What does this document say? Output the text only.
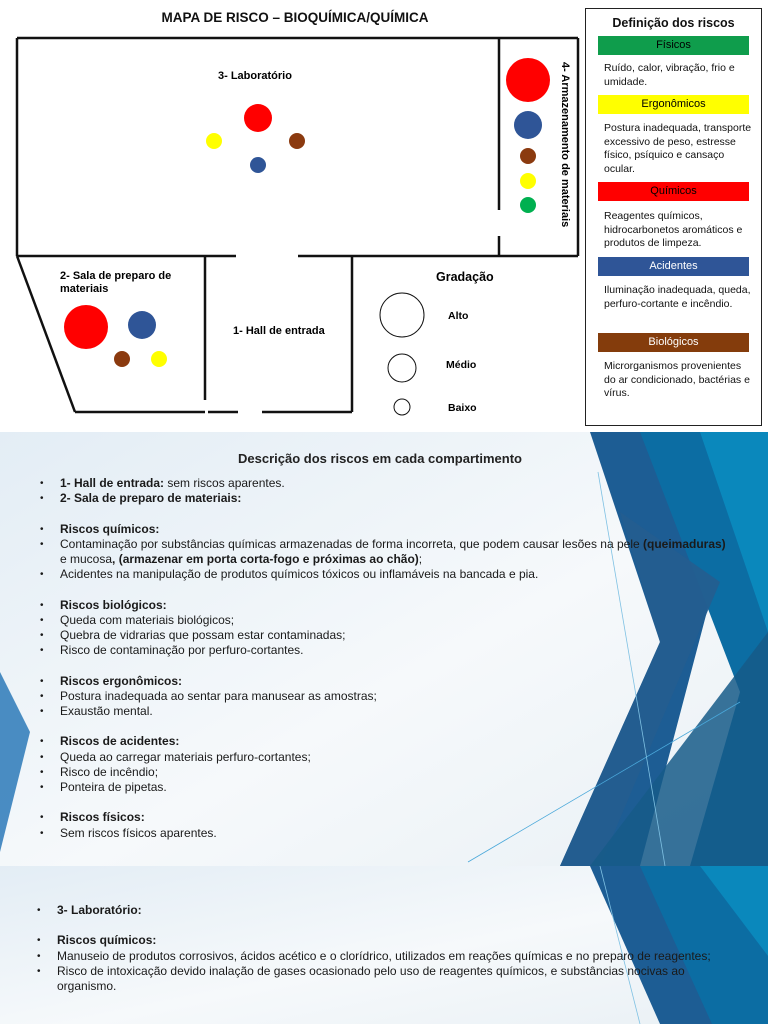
MAPA DE RISCO – BIOQUÍMICA/QUÍMICA
3- Laboratório
2- Sala de preparo de
materiais
1- Hall de entrada
4- Armazenamento de materiais
Gradação
Alto
Médio
Baixo
Definição dos riscos
Físicos
Ruído, calor, vibração, frio e umidade.
Ergonômicos
Postura inadequada, transporte excessivo de peso, estresse físico, psíquico e cansaço ocular.
Químicos
Reagentes químicos, hidrocarbonetos aromáticos e produtos de limpeza.
Acidentes
Iluminação inadequada, queda, perfuro-cortante e incêndio.
Biológicos
Microrganismos provenientes do ar condicionado, bactérias e vírus.
Descrição dos riscos em cada compartimento
• 1- Hall de entrada: sem riscos aparentes.
• 2- Sala de preparo de materiais:

• Riscos químicos:
• Contaminação por substâncias químicas armazenadas de forma incorreta, que podem causar lesões na pele (queimaduras) e mucosa, (armazenar em porta corta-fogo e próximas ao chão);
• Acidentes na manipulação de produtos químicos tóxicos ou inflamáveis na bancada e pia.

• Riscos biológicos:
• Queda com materiais biológicos;
• Quebra de vidrarias que possam estar contaminadas;
• Risco de contaminação por perfuro-cortantes.

• Riscos ergonômicos:
• Postura inadequada ao sentar para manusear as amostras;
• Exaustão mental.

• Riscos de acidentes:
• Queda ao carregar materiais perfuro-cortantes;
• Risco de incêndio;
• Ponteira de pipetas.

• Riscos físicos:
• Sem riscos físicos aparentes.
• 3- Laboratório:

• Riscos químicos:
• Manuseio de produtos corrosivos, ácidos acético e o clorídrico, utilizados em reações químicas e no preparo de reagentes;
• Risco de intoxicação devido inalação de gases ocasionado pelo uso de reagentes químicos, e substâncias nocivas ao organismo.
